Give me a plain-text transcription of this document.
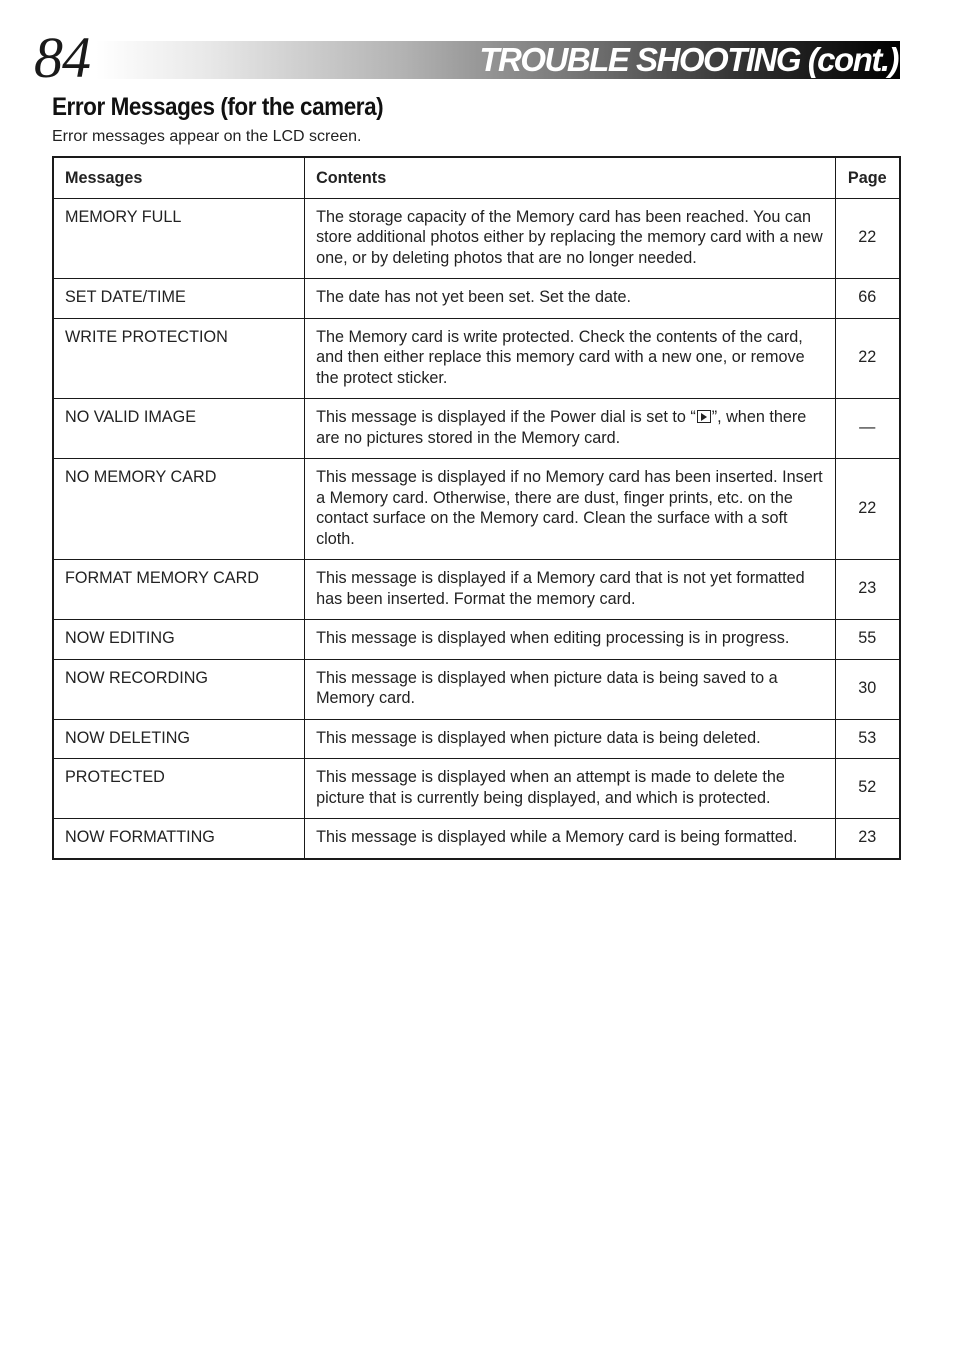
84	TROUBLE SHOOTING (cont.)
Error Messages (for the camera)
Error messages appear on the LCD screen.
Messages	Contents	Page
MEMORY FULL	The storage capacity of the Memory card has been reached. You can store additional photos either by replacing the memory card with a new one, or by deleting photos that are no longer needed.	22
SET DATE/TIME	The date has not yet been set. Set the date.	66
WRITE PROTECTION	The Memory card is write protected. Check the contents of the card, and then either replace this memory card with a new one, or remove the protect sticker.	22
NO VALID IMAGE	This message is displayed if the Power dial is set to “ ”, when there are no pictures stored in the Memory card.	—
NO MEMORY CARD	This message is displayed if no Memory card has been inserted. Insert a Memory card. Otherwise, there are dust, finger prints, etc. on the contact surface on the Memory card. Clean the surface with a soft cloth.	22
FORMAT MEMORY CARD	This message is displayed if a Memory card that is not yet formatted has been inserted. Format the memory card.	23
NOW EDITING	This message is displayed when editing processing is in progress.	55
NOW RECORDING	This message is displayed when picture data is being saved to a Memory card.	30
NOW DELETING	This message is displayed when picture data is being deleted.	53
PROTECTED	This message is displayed when an attempt is made to delete the picture that is currently being displayed, and which is protected.	52
NOW FORMATTING	This message is displayed while a Memory card is being formatted.	23
